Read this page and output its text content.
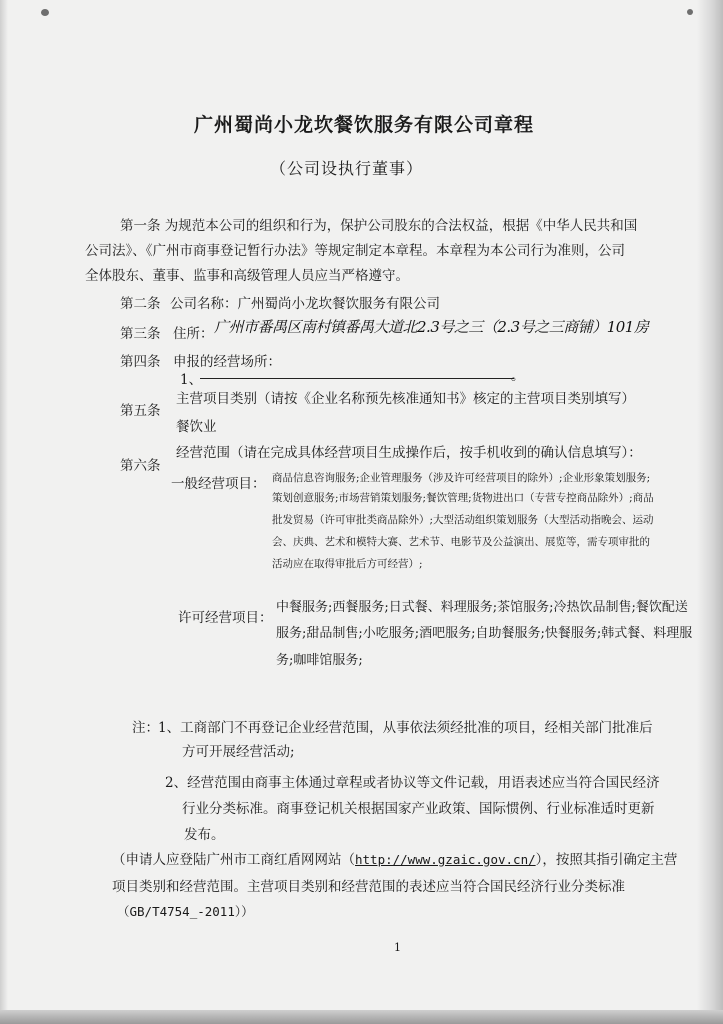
广州蜀尚小龙坎餐饮服务有限公司章程
（公司设执行董事）
第一条 为规范本公司的组织和行为，保护公司股东的合法权益，根据《中华人民共和国
公司法》、《广州市商事登记暂行办法》等规定制定本章程。本章程为本公司行为准则，公司
全体股东、董事、监事和高级管理人员应当严格遵守。
第二条 公司名称：广州蜀尚小龙坎餐饮服务有限公司
第三条 住所： 广州市番禺区南村镇番禺大道北2.3号之三（2.3号之三商铺）101房
第四条 申报的经营场所：
1、	。
第五条
主营项目类别（请按《企业名称预先核准通知书》核定的主营项目类别填写）
餐饮业
第六条
经营范围（请在完成具体经营项目生成操作后，按手机收到的确认信息填写）：
一般经营项目： 商品信息咨询服务;企业管理服务（涉及许可经营项目的除外）;企业形象策划服务;
策划创意服务;市场营销策划服务;餐饮管理;货物进出口（专营专控商品除外）;商品
批发贸易（许可审批类商品除外）;大型活动组织策划服务（大型活动指晚会、运动
会、庆典、艺术和模特大赛、艺术节、电影节及公益演出、展览等，需专项审批的
活动应在取得审批后方可经营）;
许可经营项目：
中餐服务;西餐服务;日式餐、料理服务;茶馆服务;冷热饮品制售;餐饮配送
服务;甜品制售;小吃服务;酒吧服务;自助餐服务;快餐服务;韩式餐、料理服
务;咖啡馆服务;
注： 1、工商部门不再登记企业经营范围，从事依法须经批准的项目，经相关部门批准后
方可开展经营活动;
2、经营范围由商事主体通过章程或者协议等文件记载，用语表述应当符合国民经济
行业分类标准。商事登记机关根据国家产业政策、国际惯例、行业标准适时更新
发布。
（申请人应登陆广州市工商红盾网网站（http://www.gzaic.gov.cn/），按照其指引确定主营
项目类别和经营范围。主营项目类别和经营范围的表述应当符合国民经济行业分类标准
（GB/T4754_-2011））
1
